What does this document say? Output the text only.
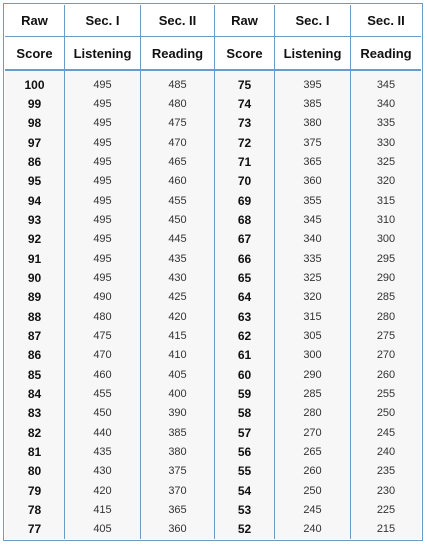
Raw	Sec. I	Sec. II	Raw	Sec. I	Sec. II
Score	Listening	Reading	Score	Listening	Reading
100	495	485	75	395	345
99	495	480	74	385	340
98	495	475	73	380	335
97	495	470	72	375	330
86	495	465	71	365	325
95	495	460	70	360	320
94	495	455	69	355	315
93	495	450	68	345	310
92	495	445	67	340	300
91	495	435	66	335	295
90	495	430	65	325	290
89	490	425	64	320	285
88	480	420	63	315	280
87	475	415	62	305	275
86	470	410	61	300	270
85	460	405	60	290	260
84	455	400	59	285	255
83	450	390	58	280	250
82	440	385	57	270	245
81	435	380	56	265	240
80	430	375	55	260	235
79	420	370	54	250	230
78	415	365	53	245	225
77	405	360	52	240	215
